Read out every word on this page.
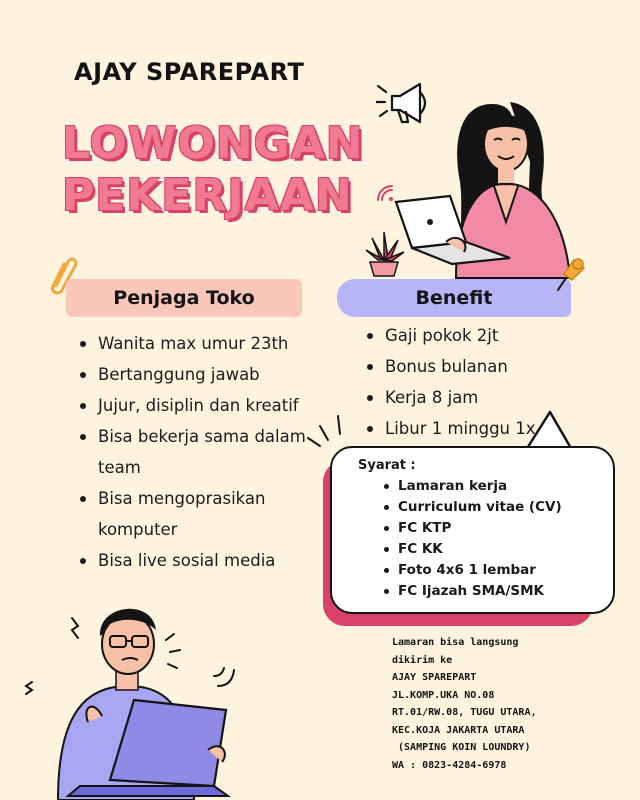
AJAY SPAREPART
LOWONGAN
PEKERJAAN
Penjaga Toko	Benefit
Wanita max umur 23th
Bertanggung jawab
Jujur, disiplin dan kreatif
Bisa bekerja sama dalam team
Bisa mengoprasikan komputer
Bisa live sosial media
Gaji pokok 2jt
Bonus bulanan
Kerja 8 jam
Libur 1 minggu 1x
Syarat :
Lamaran kerja
Curriculum vitae (CV)
FC KTP
FC KK
Foto 4x6 1 lembar
FC Ijazah SMA/SMK
Lamaran bisa langsung
dikirim ke
AJAY SPAREPART
JL.KOMP.UKA NO.08
RT.01/RW.08, TUGU UTARA,
KEC.KOJA JAKARTA UTARA
(SAMPING KOIN LOUNDRY)
WA : 0823-4284-6978
